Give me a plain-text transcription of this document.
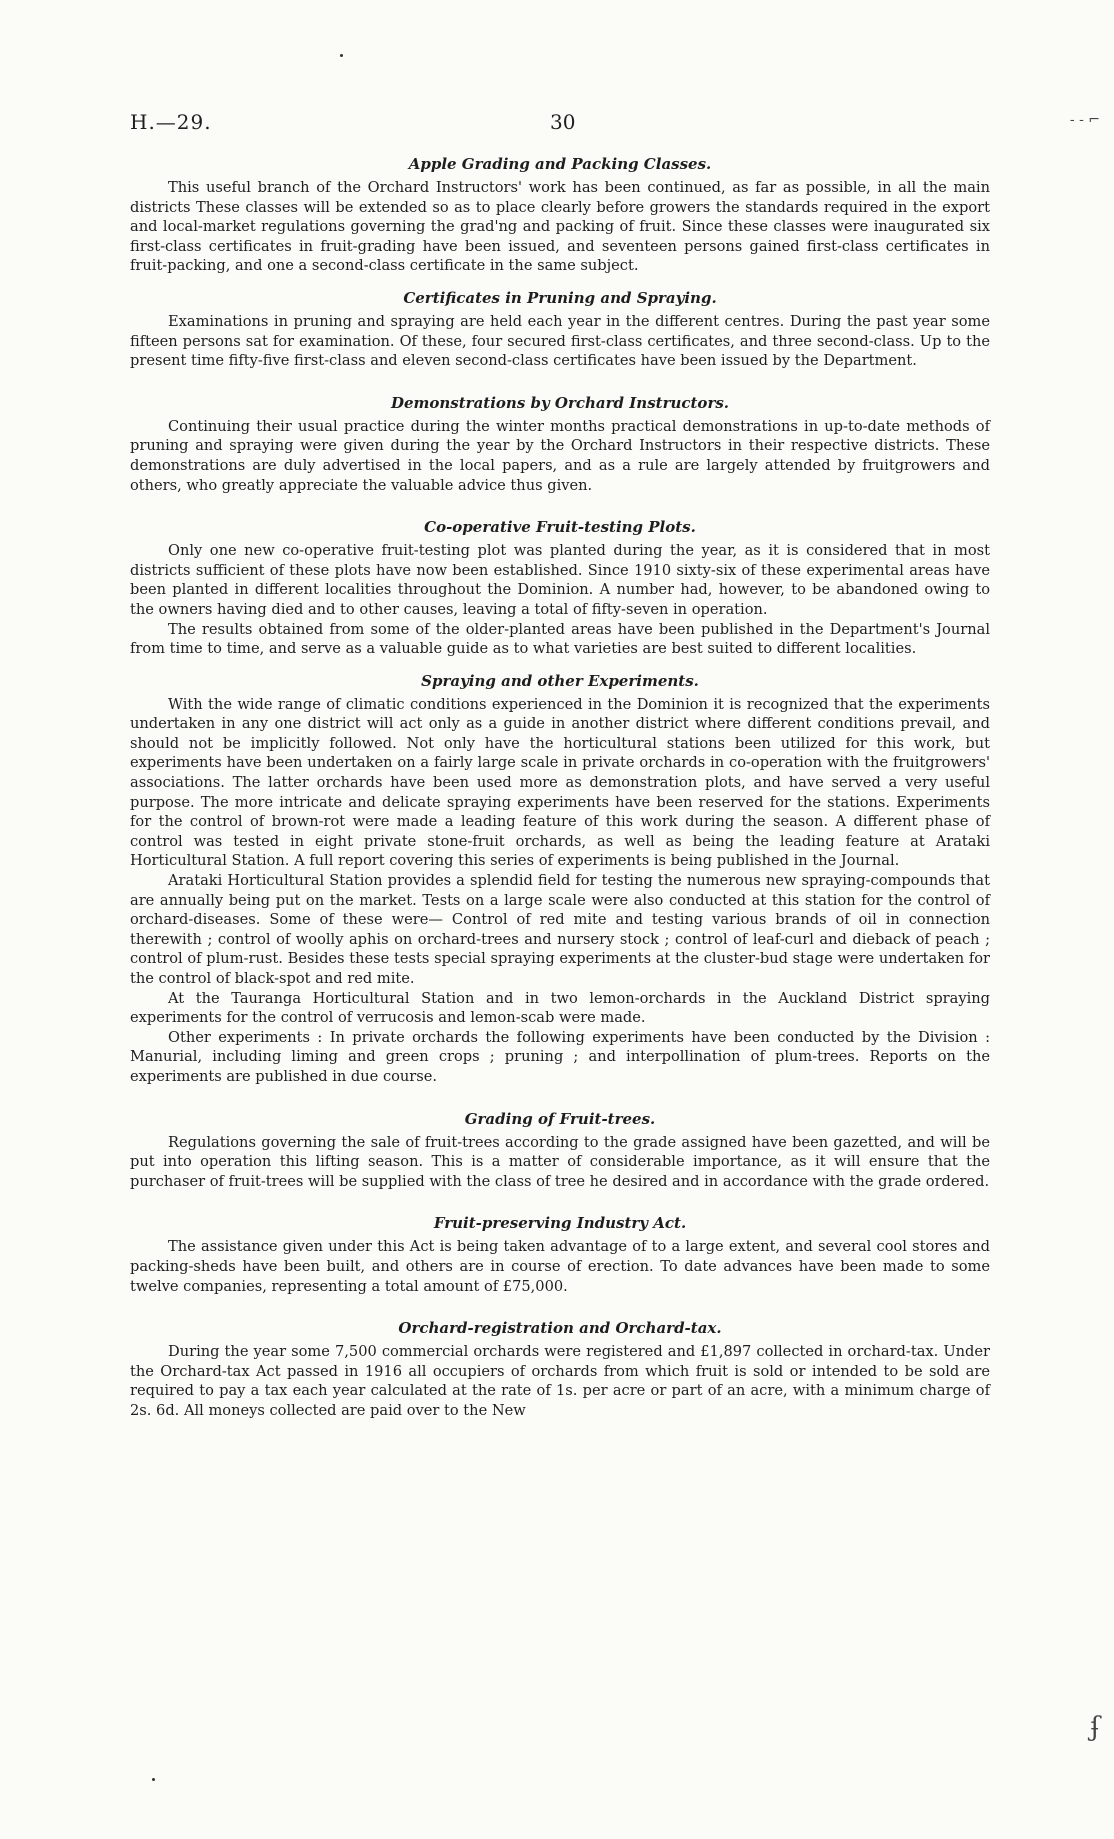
‐ ‑ ⌐
ʄ
H.—29.	30
Apple Grading and Packing Classes.

This useful branch of the Orchard Instructors' work has been continued, as far as possible, in all the main districts These classes will be extended so as to place clearly before growers the standards required in the export and local-market regulations governing the grad'ng and packing of fruit. Since these classes were inaugurated six first-class certificates in fruit-grading have been issued, and seventeen persons gained first-class certificates in fruit-packing, and one a second-class certificate in the same subject.

Certificates in Pruning and Spraying.

Examinations in pruning and spraying are held each year in the different centres. During the past year some fifteen persons sat for examination. Of these, four secured first-class certificates, and three second-class. Up to the present time fifty-five first-class and eleven second-class certificates have been issued by the Department.

Demonstrations by Orchard Instructors.

Continuing their usual practice during the winter months practical demonstrations in up-to-date methods of pruning and spraying were given during the year by the Orchard Instructors in their respective districts. These demonstrations are duly advertised in the local papers, and as a rule are largely attended by fruitgrowers and others, who greatly appreciate the valuable advice thus given.

Co-operative Fruit-testing Plots.

Only one new co-operative fruit-testing plot was planted during the year, as it is considered that in most districts sufficient of these plots have now been established. Since 1910 sixty-six of these experimental areas have been planted in different localities throughout the Dominion. A number had, however, to be abandoned owing to the owners having died and to other causes, leaving a total of fifty-seven in operation.

The results obtained from some of the older-planted areas have been published in the Department's Journal from time to time, and serve as a valuable guide as to what varieties are best suited to different localities.

Spraying and other Experiments.

With the wide range of climatic conditions experienced in the Dominion it is recognized that the experiments undertaken in any one district will act only as a guide in another district where different conditions prevail, and should not be implicitly followed. Not only have the horticultural stations been utilized for this work, but experiments have been undertaken on a fairly large scale in private orchards in co-operation with the fruitgrowers' associations. The latter orchards have been used more as demonstration plots, and have served a very useful purpose. The more intricate and delicate spraying experiments have been reserved for the stations. Experiments for the control of brown-rot were made a leading feature of this work during the season. A different phase of control was tested in eight private stone-fruit orchards, as well as being the leading feature at Arataki Horticultural Station. A full report covering this series of experiments is being published in the Journal.

Arataki Horticultural Station provides a splendid field for testing the numerous new spraying-compounds that are annually being put on the market. Tests on a large scale were also conducted at this station for the control of orchard-diseases. Some of these were— Control of red mite and testing various brands of oil in connection therewith ; control of woolly aphis on orchard-trees and nursery stock ; control of leaf-curl and dieback of peach ; control of plum-rust. Besides these tests special spraying experiments at the cluster-bud stage were undertaken for the control of black-spot and red mite.

At the Tauranga Horticultural Station and in two lemon-orchards in the Auckland District spraying experiments for the control of verrucosis and lemon-scab were made.

Other experiments : In private orchards the following experiments have been conducted by the Division : Manurial, including liming and green crops ; pruning ; and interpollination of plum-trees. Reports on the experiments are published in due course.

Grading of Fruit-trees.

Regulations governing the sale of fruit-trees according to the grade assigned have been gazetted, and will be put into operation this lifting season. This is a matter of considerable importance, as it will ensure that the purchaser of fruit-trees will be supplied with the class of tree he desired and in accordance with the grade ordered.

Fruit-preserving Industry Act.

The assistance given under this Act is being taken advantage of to a large extent, and several cool stores and packing-sheds have been built, and others are in course of erection. To date advances have been made to some twelve companies, representing a total amount of £75,000.

Orchard-registration and Orchard-tax.

During the year some 7,500 commercial orchards were registered and £1,897 collected in orchard-tax. Under the Orchard-tax Act passed in 1916 all occupiers of orchards from which fruit is sold or intended to be sold are required to pay a tax each year calculated at the rate of 1s. per acre or part of an acre, with a minimum charge of 2s. 6d. All moneys collected are paid over to the New
